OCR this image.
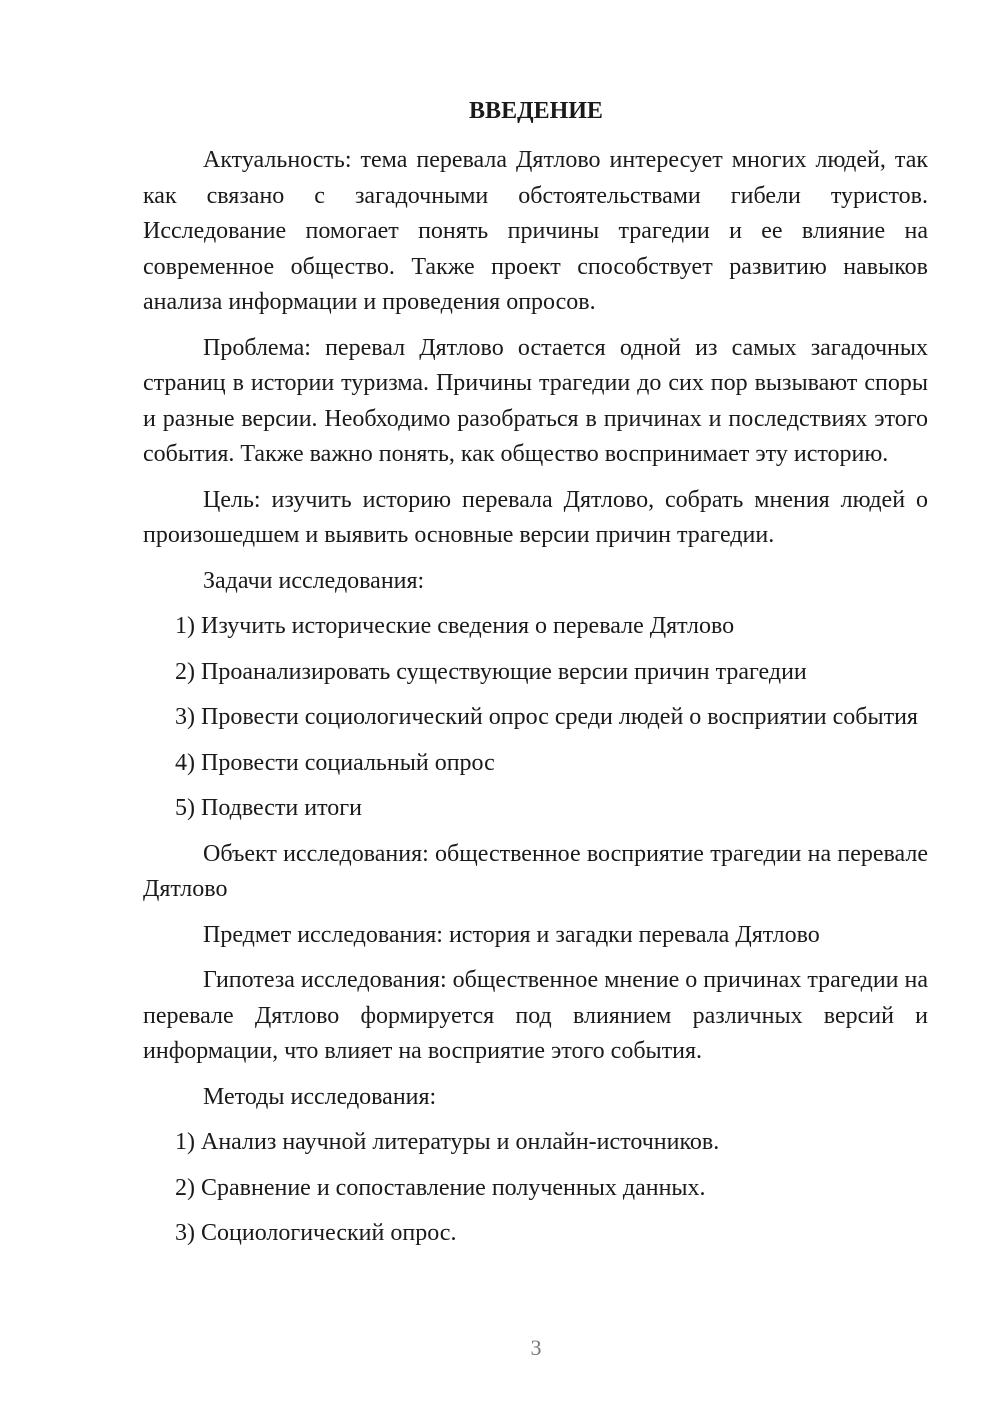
ВВЕДЕНИЕ

Актуальность: тема перевала Дятлово интересует многих людей, так как связано с загадочными обстоятельствами гибели туристов. Исследование помогает понять причины трагедии и ее влияние на современное общество. Также проект способствует развитию навыков анализа информации и проведения опросов.

Проблема: перевал Дятлово остается одной из самых загадочных страниц в истории туризма. Причины трагедии до сих пор вызывают споры и разные версии. Необходимо разобраться в причинах и последствиях этого события. Также важно понять, как общество воспринимает эту историю.

Цель: изучить историю перевала Дятлово, собрать мнения людей о произошедшем и выявить основные версии причин трагедии.

Задачи исследования:

1) Изучить исторические сведения о перевале Дятлово

2) Проанализировать существующие версии причин трагедии

3) Провести социологический опрос среди людей о восприятии события

4) Провести социальный опрос

5) Подвести итоги

Объект исследования: общественное восприятие трагедии на перевале Дятлово

Предмет исследования: история и загадки перевала Дятлово

Гипотеза исследования: общественное мнение о причинах трагедии на перевале Дятлово формируется под влиянием различных версий и информации, что влияет на восприятие этого события.

Методы исследования:

1) Анализ научной литературы и онлайн-источников.

2) Сравнение и сопоставление полученных данных.

3) Социологический опрос.

3
